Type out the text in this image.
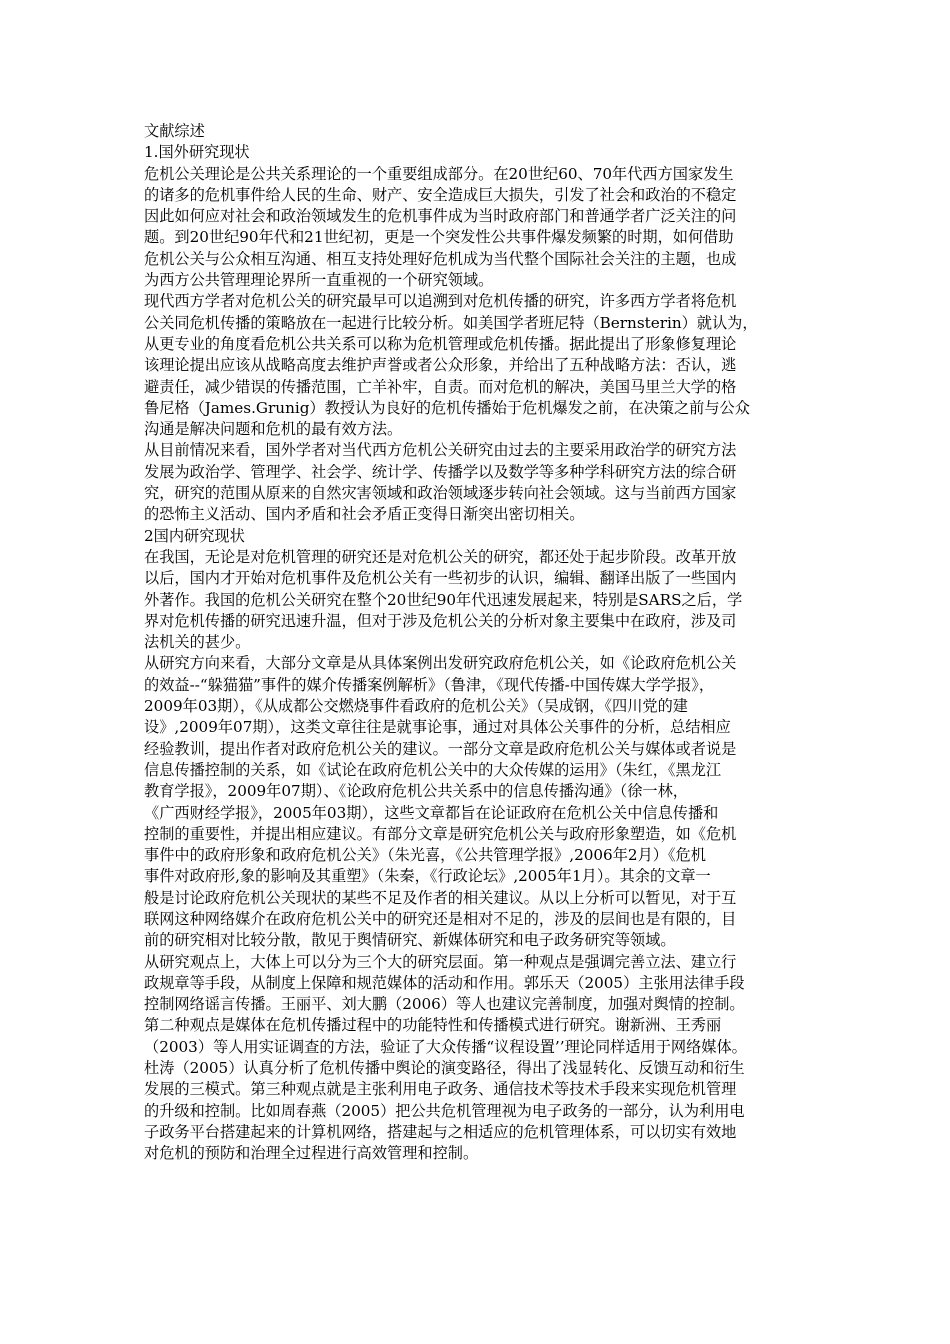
文献综述
1.国外研究现状
危机公关理论是公共关系理论的一个重要组成部分。在20世纪60、70年代西方国家发生
的诸多的危机事件给人民的生命、财产、安全造成巨大损失，引发了社会和政治的不稳定
因此如何应对社会和政治领域发生的危机事件成为当时政府部门和普通学者广泛关注的问
题。到20世纪90年代和21世纪初，更是一个突发性公共事件爆发频繁的时期，如何借助
危机公关与公众相互沟通、相互支持处理好危机成为当代整个国际社会关注的主题，也成
为西方公共管理理论界所一直重视的一个研究领域。
现代西方学者对危机公关的研究最早可以追溯到对危机传播的研究，许多西方学者将危机
公关同危机传播的策略放在一起进行比较分析。如美国学者班尼特（Bernsterin）就认为，
从更专业的角度看危机公共关系可以称为危机管理或危机传播。据此提出了形象修复理论
该理论提出应该从战略高度去维护声誉或者公众形象，并给出了五种战略方法：否认，逃
避责任，减少错误的传播范围，亡羊补牢，自责。而对危机的解决，美国马里兰大学的格
鲁尼格（James.Grunig）教授认为良好的危机传播始于危机爆发之前，在决策之前与公众
沟通是解决问题和危机的最有效方法。
从目前情况来看，国外学者对当代西方危机公关研究由过去的主要采用政治学的研究方法
发展为政治学、管理学、社会学、统计学、传播学以及数学等多种学科研究方法的综合研
究，研究的范围从原来的自然灾害领域和政治领域逐步转向社会领域。这与当前西方国家
的恐怖主义活动、国内矛盾和社会矛盾正变得日渐突出密切相关。
2国内研究现状
在我国，无论是对危机管理的研究还是对危机公关的研究，都还处于起步阶段。改革开放
以后，国内才开始对危机事件及危机公关有一些初步的认识，编辑、翻译出版了一些国内
外著作。我国的危机公关研究在整个20世纪90年代迅速发展起来，特别是SARS之后，学
界对危机传播的研究迅速升温，但对于涉及危机公关的分析对象主要集中在政府，涉及司
法机关的甚少。
从研究方向来看，大部分文章是从具体案例出发研究政府危机公关，如《论政府危机公关
的效益--“躲猫猫”事件的媒介传播案例解析》（鲁津，《现代传播-中国传媒大学学报》，
2009年03期），《从成都公交燃烧事件看政府的危机公关》（吴成钢，《四川党的建
设》,2009年07期），这类文章往往是就事论事，通过对具体公关事件的分析，总结相应
经验教训，提出作者对政府危机公关的建议。一部分文章是政府危机公关与媒体或者说是
信息传播控制的关系，如《试论在政府危机公关中的大众传媒的运用》（朱红，《黑龙江
教育学报》，2009年07期）、《论政府危机公共关系中的信息传播沟通》（徐一林，
《广西财经学报》，2005年03期），这些文章都旨在论证政府在危机公关中信息传播和
控制的重要性，并提出相应建议。有部分文章是研究危机公关与政府形象塑造，如《危机
事件中的政府形象和政府危机公关》（朱光喜，《公共管理学报》,2006年2月）《危机
事件对政府形,象的影响及其重塑》（朱秦，《行政论坛》,2005年1月）。其余的文章一
般是讨论政府危机公关现状的某些不足及作者的相关建议。从以上分析可以暂见，对于互
联网这种网络媒介在政府危机公关中的研究还是相对不足的，涉及的层间也是有限的，目
前的研究相对比较分散，散见于舆情研究、新媒体研究和电子政务研究等领域。
从研究观点上，大体上可以分为三个大的研究层面。第一种观点是强调完善立法、建立行
政规章等手段，从制度上保障和规范媒体的活动和作用。郭乐天（2005）主张用法律手段
控制网络谣言传播。王丽平、刘大鹏（2006）等人也建议完善制度，加强对舆情的控制。
第二种观点是媒体在危机传播过程中的功能特性和传播模式进行研究。谢新洲、王秀丽
（2003）等人用实证调查的方法，验证了大众传播“议程设置’’理论同样适用于网络媒体。
杜涛（2005）认真分析了危机传播中舆论的演变路径，得出了浅显转化、反馈互动和衍生
发展的三模式。第三种观点就是主张利用电子政务、通信技术等技术手段来实现危机管理
的升级和控制。比如周春燕（2005）把公共危机管理视为电子政务的一部分，认为利用电
子政务平台搭建起来的计算机网络，搭建起与之相适应的危机管理体系，可以切实有效地
对危机的预防和治理全过程进行高效管理和控制。
